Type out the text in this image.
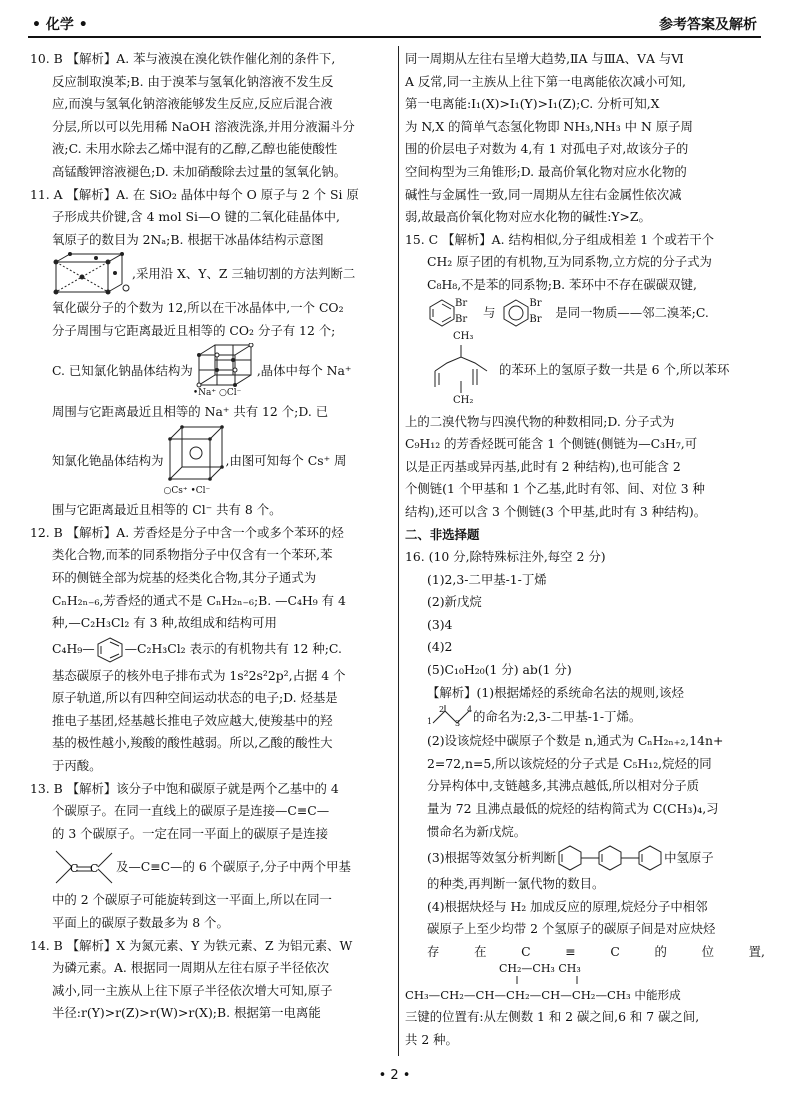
• 化学 •	参考答案及解析

10. B 【解析】A. 苯与液溴在溴化铁作催化剂的条件下,

反应制取溴苯;B. 由于溴苯与氢氧化钠溶液不发生反

应,而溴与氢氧化钠溶液能够发生反应,反应后混合液

分层,所以可以先用稀 NaOH 溶液洗涤,并用分液漏斗分

液;C. 未用水除去乙烯中混有的乙醇,乙醇也能使酸性

高锰酸钾溶液褪色;D. 未加硝酸除去过量的氢氧化钠。

11. A 【解析】A. 在 SiO₂ 晶体中每个 O 原子与 2 个 Si 原

子形成共价键,含 4 mol Si—O 键的二氧化硅晶体中,

氧原子的数目为 2Nₐ;B. 根据干冰晶体结构示意图

,采用沿 X、Y、Z 三轴切割的方法判断二

氧化碳分子的个数为 12,所以在干冰晶体中,一个 CO₂

分子周围与它距离最近且相等的 CO₂ 分子有 12 个;

C. 已知氯化钠晶体结构为
•Na⁺ ○Cl⁻
,晶体中每个 Na⁺

周围与它距离最近且相等的 Na⁺ 共有 12 个;D. 已

知氯化铯晶体结构为
○Cs⁺ •Cl⁻
,由图可知每个 Cs⁺ 周

围与它距离最近且相等的 Cl⁻ 共有 8 个。

12. B 【解析】A. 芳香烃是分子中含一个或多个苯环的烃

类化合物,而苯的同系物指分子中仅含有一个苯环,苯

环的侧链全部为烷基的烃类化合物,其分子通式为

CₙH₂ₙ₋₆,芳香烃的通式不是 CₙH₂ₙ₋₆;B. —C₄H₉ 有 4

种,—C₂H₃Cl₂ 有 3 种,故组成和结构可用

C₄H₉— —C₂H₃Cl₂ 表示的有机物共有 12 种;C.

基态碳原子的核外电子排布式为 1s²2s²2p²,占据 4 个

原子轨道,所以有四种空间运动状态的电子;D. 烃基是

推电子基团,烃基越长推电子效应越大,使羧基中的羟

基的极性越小,羧酸的酸性越弱。所以,乙酸的酸性大

于丙酸。

13. B 【解析】该分子中饱和碳原子就是两个乙基中的 4

个碳原子。在同一直线上的碳原子是连接—C≡C—

的 3 个碳原子。一定在同一平面上的碳原子是连接

C C 及—C≡C—的 6 个碳原子,分子中两个甲基

中的 2 个碳原子可能旋转到这一平面上,所以在同一

平面上的碳原子数最多为 8 个。

14. B 【解析】X 为氮元素、Y 为铁元素、Z 为铝元素、W

为磷元素。A. 根据同一周期从左往右原子半径依次

减小,同一主族从上往下原子半径依次增大可知,原子

半径:r(Y)>r(Z)>r(W)>r(X);B. 根据第一电离能

同一周期从左往右呈增大趋势,ⅡA 与ⅢA、ⅤA 与Ⅵ

A 反常,同一主族从上往下第一电离能依次减小可知,

第一电离能:I₁(X)>I₁(Y)>I₁(Z);C. 分析可知,X

为 N,X 的简单气态氢化物即 NH₃,NH₃ 中 N 原子周

围的价层电子对数为 4,有 1 对孤电子对,故该分子的

空间构型为三角锥形;D. 最高价氧化物对应水化物的

碱性与金属性一致,同一周期从左往右金属性依次减

弱,故最高价氧化物对应水化物的碱性:Y>Z。

15. C 【解析】A. 结构相似,分子组成相差 1 个或若干个

CH₂ 原子团的有机物,互为同系物,立方烷的分子式为

C₈H₈,不是苯的同系物;B. 苯环中不存在碳碳双键,

Br
Br 与
Br
Br 是同一物质——邻二溴苯;C.
CH₃
CH₂
的苯环上的氢原子数一共是 6 个,所以苯环

上的二溴代物与四溴代物的种数相同;D. 分子式为

C₉H₁₂ 的芳香烃既可能含 1 个侧链(侧链为—C₃H₇,可

以是正丙基或异丙基,此时有 2 种结构),也可能含 2

个侧链(1 个甲基和 1 个乙基,此时有邻、间、对位 3 种

结构),还可以含 3 个侧链(3 个甲基,此时有 3 种结构)。

二、非选择题

16. (10 分,除特殊标注外,每空 2 分)

(1)2,3-二甲基-1-丁烯

(2)新戊烷

(3)4

(4)2

(5)C₁₀H₂₀(1 分) ab(1 分)

【解析】(1)根据烯烃的系统命名法的规则,该烃

1
2
3
4 的命名为:2,3-二甲基-1-丁烯。

(2)设该烷烃中碳原子个数是 n,通式为 CₙH₂ₙ₊₂,14n+

2=72,n=5,所以该烷烃的分子式是 C₅H₁₂,烷烃的同

分异构体中,支链越多,其沸点越低,所以相对分子质

量为 72 且沸点最低的烷烃的结构简式为 C(CH₃)₄,习

惯命名为新戊烷。

(3)根据等效氢分析判断	中氢原子

的种类,再判断一氯代物的数目。

(4)根据炔烃与 H₂ 加成反应的原理,烷烃分子中相邻

碳原子上至少均带 2 个氢原子的碳原子间是对应炔烃

存	在	C	≡	C	的	位	置,
CH₂—CH₃ CH₃

CH₃—CH₂—CH—CH₂—CH—CH₂—CH₃ 中能形成

三键的位置有:从左侧数 1 和 2 碳之间,6 和 7 碳之间,

共 2 种。

• 2 •
